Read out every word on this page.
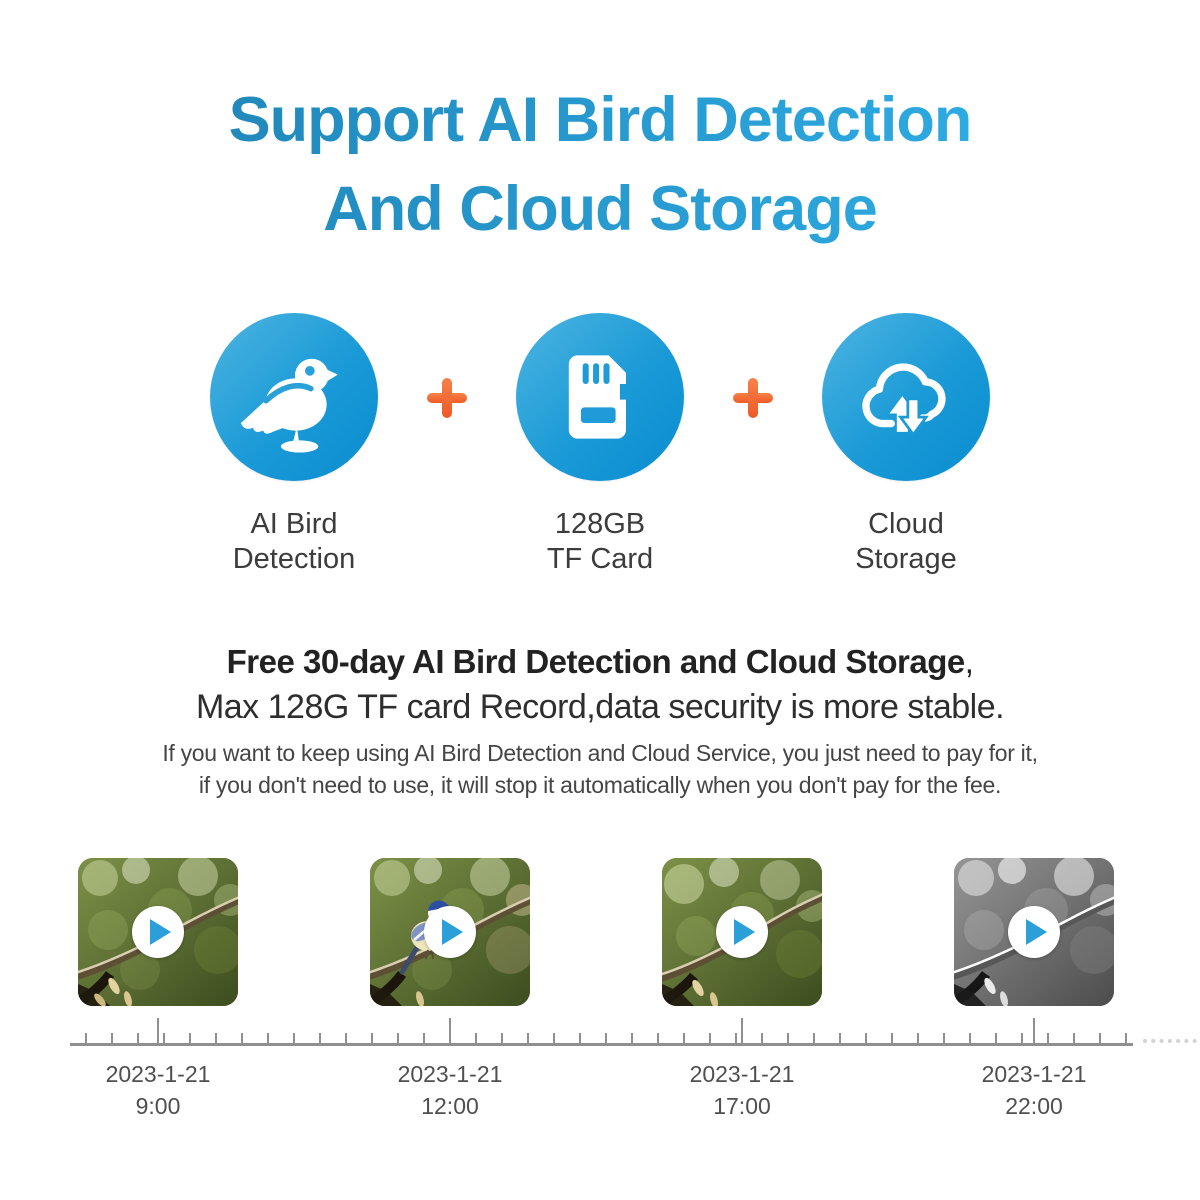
Support AI Bird Detection
And Cloud Storage
AI Bird
Detection
128GB
TF Card
Cloud
Storage
Free 30-day AI Bird Detection and Cloud Storage,
Max 128G TF card Record,data security is more stable.
If you want to keep using AI Bird Detection and Cloud Service, you just need to pay for it,
if you don't need to use, it will stop it automatically when you don't pay for the fee.
2023-1-21
9:00
2023-1-21
12:00
2023-1-21
17:00
2023-1-21
22:00
